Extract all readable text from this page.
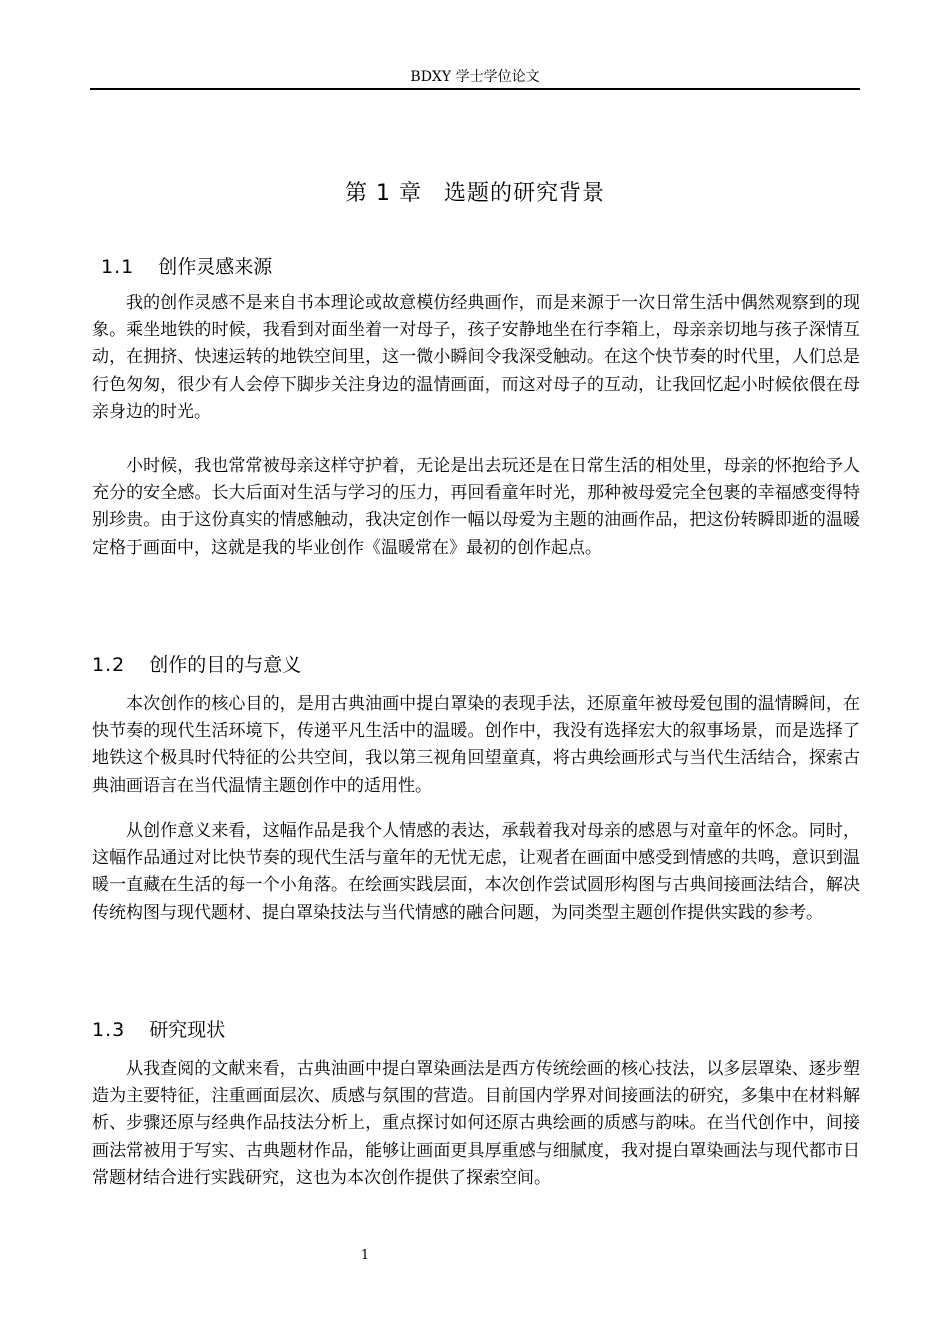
BDXY 学士学位论文
第 1 章 选题的研究背景
1.1 创作灵感来源

我的创作灵感不是来自书本理论或故意模仿经典画作，而是来源于一次日常生活中偶然观察到的现象。乘坐地铁的时候，我看到对面坐着一对母子，孩子安静地坐在行李箱上，母亲亲切地与孩子深情互动，在拥挤、快速运转的地铁空间里，这一微小瞬间令我深受触动。在这个快节奏的时代里，人们总是行色匆匆，很少有人会停下脚步关注身边的温情画面，而这对母子的互动，让我回忆起小时候依偎在母亲身边的时光。

小时候，我也常常被母亲这样守护着，无论是出去玩还是在日常生活的相处里，母亲的怀抱给予人充分的安全感。长大后面对生活与学习的压力，再回看童年时光，那种被母爱完全包裹的幸福感变得特别珍贵。由于这份真实的情感触动，我决定创作一幅以母爱为主题的油画作品，把这份转瞬即逝的温暖定格于画面中，这就是我的毕业创作《温暖常在》最初的创作起点。

1.2 创作的目的与意义

本次创作的核心目的，是用古典油画中提白罩染的表现手法，还原童年被母爱包围的温情瞬间，在快节奏的现代生活环境下，传递平凡生活中的温暖。创作中，我没有选择宏大的叙事场景，而是选择了地铁这个极具时代特征的公共空间，我以第三视角回望童真，将古典绘画形式与当代生活结合，探索古典油画语言在当代温情主题创作中的适用性。

从创作意义来看，这幅作品是我个人情感的表达，承载着我对母亲的感恩与对童年的怀念。同时，这幅作品通过对比快节奏的现代生活与童年的无忧无虑，让观者在画面中感受到情感的共鸣，意识到温暖一直藏在生活的每一个小角落。在绘画实践层面，本次创作尝试圆形构图与古典间接画法结合，解决传统构图与现代题材、提白罩染技法与当代情感的融合问题，为同类型主题创作提供实践的参考。

1.3 研究现状

从我查阅的文献来看，古典油画中提白罩染画法是西方传统绘画的核心技法，以多层罩染、逐步塑造为主要特征，注重画面层次、质感与氛围的营造。目前国内学界对间接画法的研究，多集中在材料解析、步骤还原与经典作品技法分析上，重点探讨如何还原古典绘画的质感与韵味。在当代创作中，间接画法常被用于写实、古典题材作品，能够让画面更具厚重感与细腻度，我对提白罩染画法与现代都市日常题材结合进行实践研究，这也为本次创作提供了探索空间。

1
